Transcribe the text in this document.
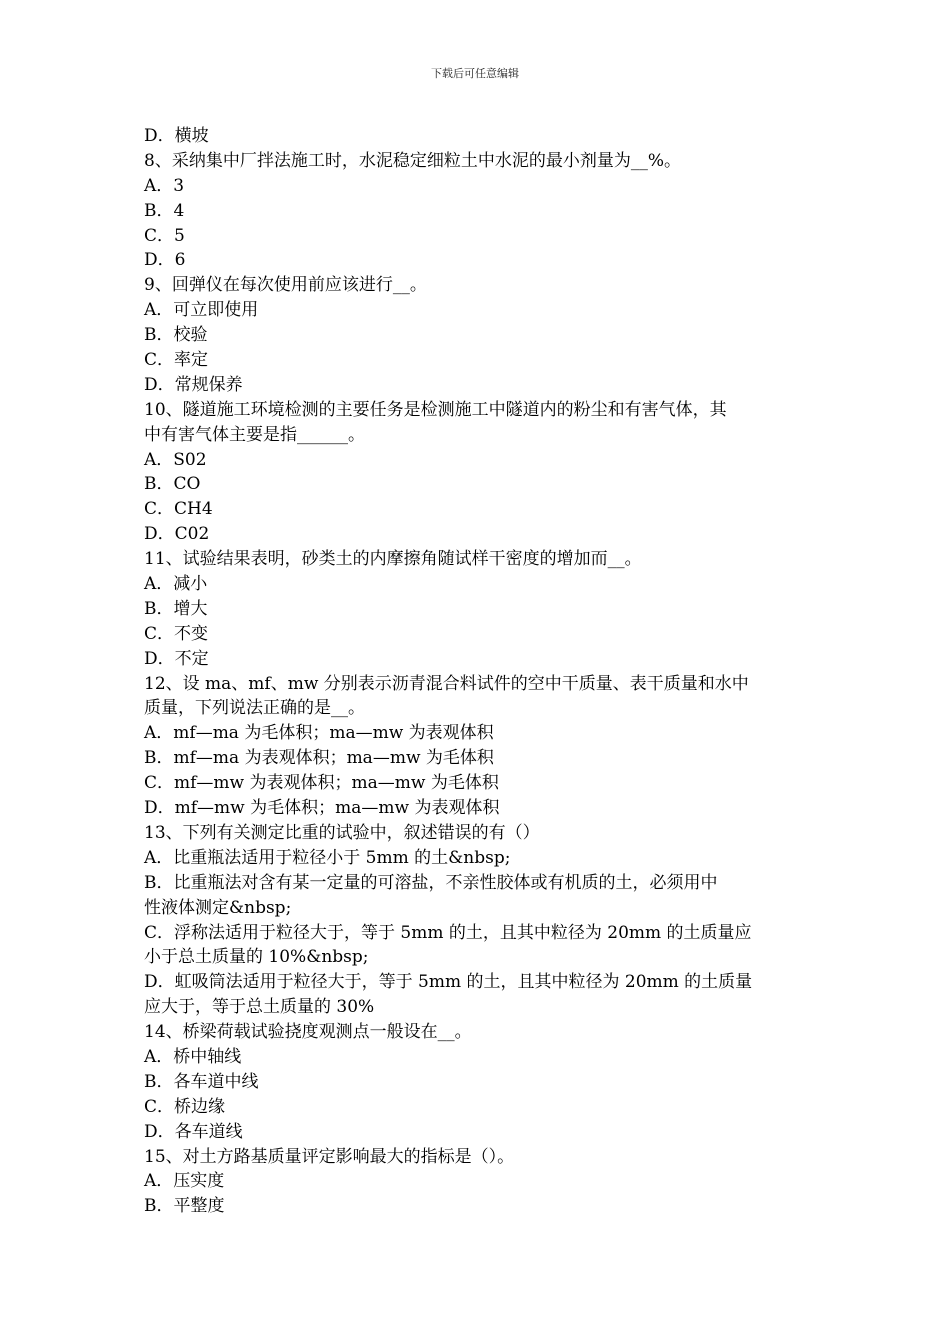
下载后可任意编辑
D．横坡
8、采纳集中厂拌法施工时，水泥稳定细粒土中水泥的最小剂量为__%。
A．3
B．4
C．5
D．6
9、回弹仪在每次使用前应该进行__。
A．可立即使用
B．校验
C．率定
D．常规保养
10、隧道施工环境检测的主要任务是检测施工中隧道内的粉尘和有害气体，其
中有害气体主要是指______。
A．S02
B．CO
C．CH4
D．C02
11、试验结果表明，砂类土的内摩擦角随试样干密度的增加而__。
A．减小
B．增大
C．不变
D．不定
12、设 ma、mf、mw 分别表示沥青混合料试件的空中干质量、表干质量和水中
质量，下列说法正确的是__。
A．mf—ma 为毛体积；ma—mw 为表观体积
B．mf—ma 为表观体积；ma—mw 为毛体积
C．mf—mw 为表观体积；ma—mw 为毛体积
D．mf—mw 为毛体积；ma—mw 为表观体积
13、下列有关测定比重的试验中，叙述错误的有（）
A．比重瓶法适用于粒径小于 5mm 的土&nbsp;
B．比重瓶法对含有某一定量的可溶盐，不亲性胶体或有机质的土，必须用中
性液体测定&nbsp;
C．浮称法适用于粒径大于，等于 5mm 的土，且其中粒径为 20mm 的土质量应
小于总土质量的 10%&nbsp;
D．虹吸筒法适用于粒径大于，等于 5mm 的土，且其中粒径为 20mm 的土质量
应大于，等于总土质量的 30%
14、桥梁荷载试验挠度观测点一般设在__。
A．桥中轴线
B．各车道中线
C．桥边缘
D．各车道线
15、对土方路基质量评定影响最大的指标是（）。
A．压实度
B．平整度
